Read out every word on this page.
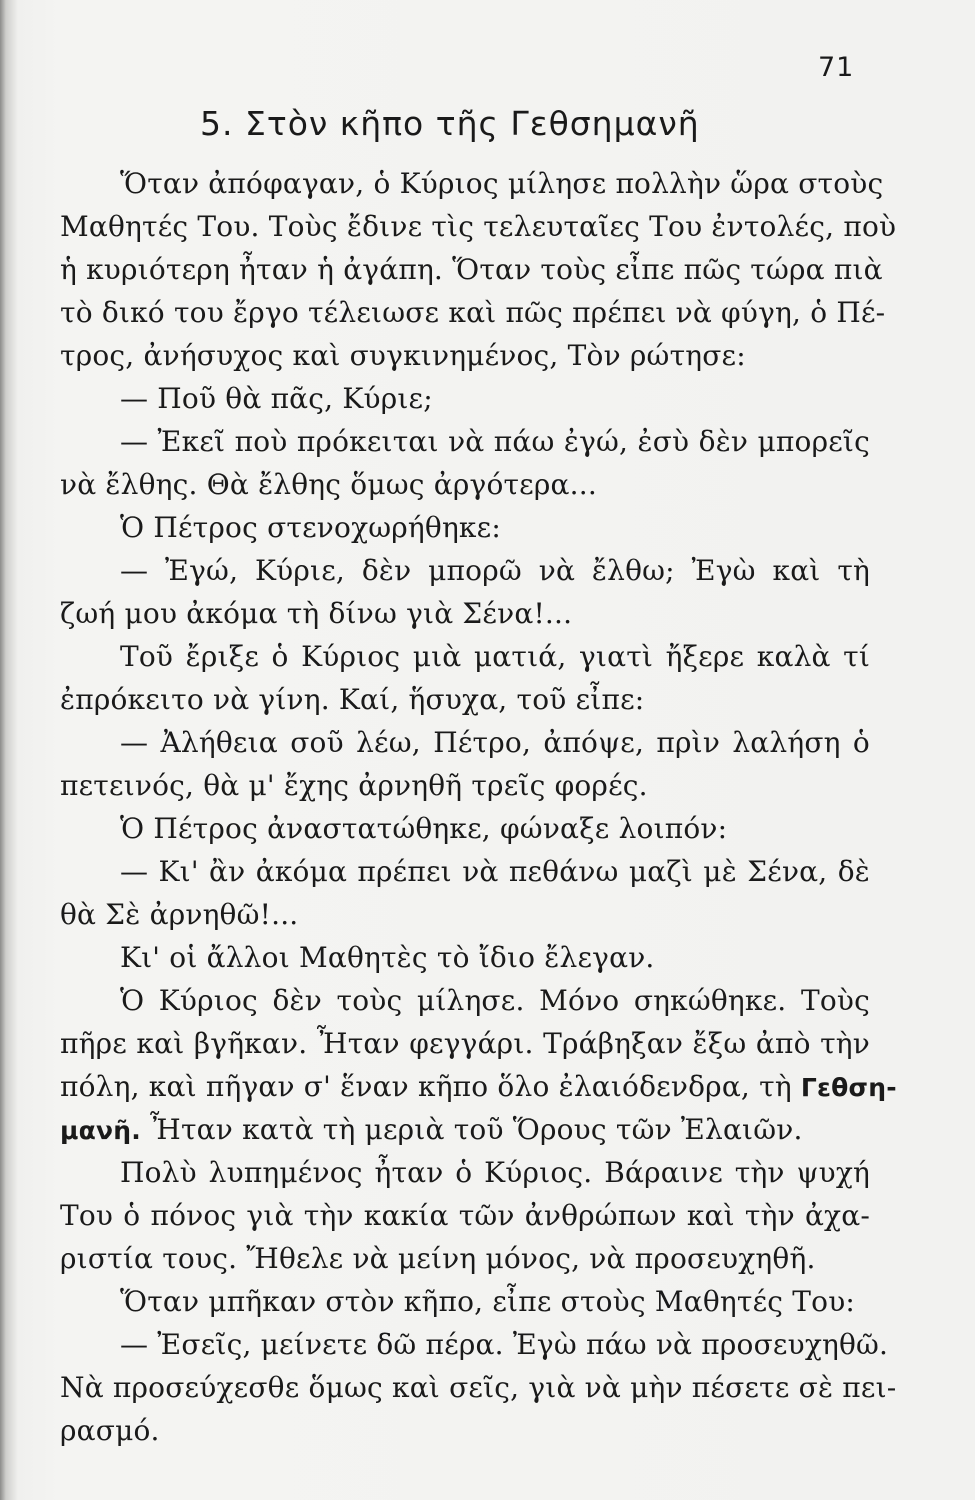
71
5. Στὸν κῆπο τῆς Γεθσημανῆ
Ὅταν ἀπόφαγαν, ὁ Κύριος μίλησε πολλὴν ὥρα στοὺς
Μαθητές Του. Τοὺς ἔδινε τὶς τελευταῖες Του ἐντολές, ποὺ
ἡ κυριότερη ἦταν ἡ ἀγάπη. Ὅταν τοὺς εἶπε πῶς τώρα πιὰ
τὸ δικό του ἔργο τέλειωσε καὶ πῶς πρέπει νὰ φύγη, ὁ Πέ-
τρος, ἀνήσυχος καὶ συγκινημένος, Τὸν ρώτησε:
— Ποῦ θὰ πᾶς, Κύριε;
— Ἐκεῖ ποὺ πρόκειται νὰ πάω ἐγώ, ἐσὺ δὲν μπορεῖς
νὰ ἔλθης. Θὰ ἔλθης ὅμως ἀργότερα...
Ὁ Πέτρος στενοχωρήθηκε:
— Ἐγώ, Κύριε, δὲν μπορῶ νὰ ἔλθω; Ἐγὼ καὶ τὴ
ζωή μου ἀκόμα τὴ δίνω γιὰ Σένα!...
Τοῦ ἔριξε ὁ Κύριος μιὰ ματιά, γιατὶ ἤξερε καλὰ τί
ἐπρόκειτο νὰ γίνη. Καί, ἥσυχα, τοῦ εἶπε:
— Ἀλήθεια σοῦ λέω, Πέτρο, ἀπόψε, πρὶν λαλήση ὁ
πετεινός, θὰ μ' ἔχης ἀρνηθῆ τρεῖς φορές.
Ὁ Πέτρος ἀναστατώθηκε, φώναξε λοιπόν:
— Κι' ἂν ἀκόμα πρέπει νὰ πεθάνω μαζὶ μὲ Σένα, δὲ
θὰ Σὲ ἀρνηθῶ!...
Κι' οἱ ἄλλοι Μαθητὲς τὸ ἴδιο ἔλεγαν.
Ὁ Κύριος δὲν τοὺς μίλησε. Μόνο σηκώθηκε. Τοὺς
πῆρε καὶ βγῆκαν. Ἦταν φεγγάρι. Τράβηξαν ἔξω ἀπὸ τὴν
πόλη, καὶ πῆγαν σ' ἕναν κῆπο ὅλο ἐλαιόδενδρα, τὴ Γεθση-
μανῆ. Ἦταν κατὰ τὴ μεριὰ τοῦ Ὅρους τῶν Ἐλαιῶν.
Πολὺ λυπημένος ἦταν ὁ Κύριος. Βάραινε τὴν ψυχή
Του ὁ πόνος γιὰ τὴν κακία τῶν ἀνθρώπων καὶ τὴν ἀχα-
ριστία τους. Ἤθελε νὰ μείνη μόνος, νὰ προσευχηθῆ.
Ὅταν μπῆκαν στὸν κῆπο, εἶπε στοὺς Μαθητές Του:
— Ἐσεῖς, μείνετε δῶ πέρα. Ἐγὼ πάω νὰ προσευχηθῶ.
Νὰ προσεύχεσθε ὅμως καὶ σεῖς, γιὰ νὰ μὴν πέσετε σὲ πει-
ρασμό.
